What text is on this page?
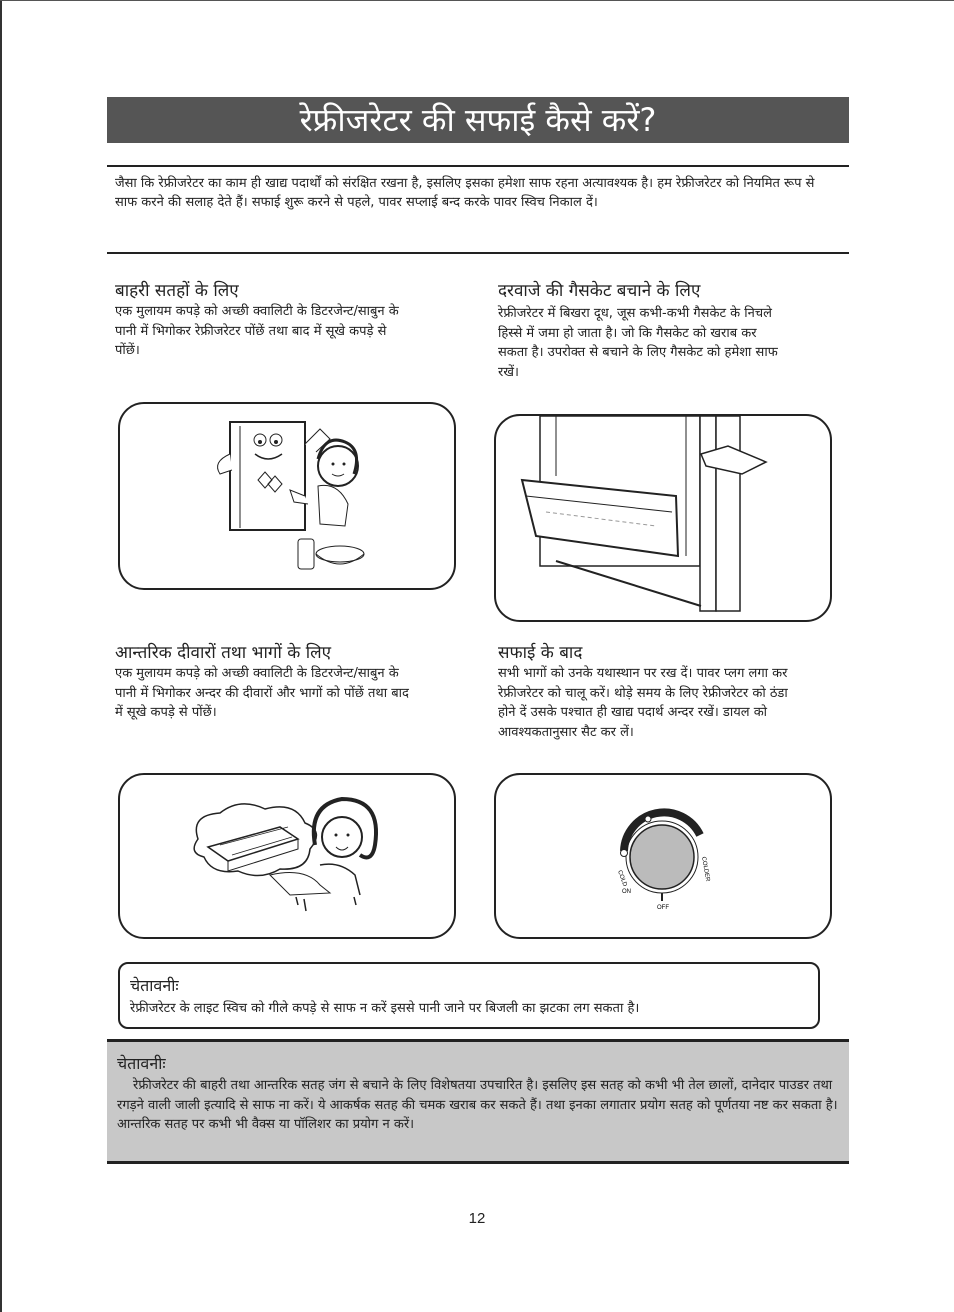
रेफ्रीजरेटर की सफाई कैसे करें?
जैसा कि रेफ्रीजरेटर का काम ही खाद्य पदार्थों को संरक्षित रखना है, इसलिए इसका हमेशा साफ रहना अत्यावश्यक है। हम रेफ्रीजरेटर को नियमित रूप से साफ करने की सलाह देते हैं। सफाई शुरू करने से पहले, पावर सप्लाई बन्द करके पावर स्विच निकाल दें।
बाहरी सतहों के लिए
एक मुलायम कपड़े को अच्छी क्वालिटी के डिटरजेन्ट/साबुन के पानी में भिगोकर रेफ्रीजरेटर पोंछें तथा बाद में सूखे कपड़े से पोंछें।
दरवाजे की गैसकेट बचाने के लिए
रेफ्रीजरेटर में बिखरा दूध, जूस कभी-कभी गैसकेट के निचले हिस्से में जमा हो जाता है। जो कि गैसकेट को खराब कर सकता है। उपरोक्त से बचाने के लिए गैसकेट को हमेशा साफ रखें।
आन्तरिक दीवारों तथा भागों के लिए
एक मुलायम कपड़े को अच्छी क्वालिटी के डिटरजेन्ट/साबुन के पानी में भिगोकर अन्दर की दीवारों और भागों को पोंछें तथा बाद में सूखे कपड़े से पोंछें।
सफाई के बाद
सभी भागों को उनके यथास्थान पर रख दें। पावर प्लग लगा कर रेफ्रीजरेटर को चालू करें। थोड़े समय के लिए रेफ्रीजरेटर को ठंडा होने दें उसके पश्चात ही खाद्य पदार्थ अन्दर रखें। डायल को आवश्यकतानुसार सैट कर लें।
COLD	COLDER
ON
OFF
चेतावनीः
रेफ्रीजरेटर के लाइट स्विच को गीले कपड़े से साफ न करें इससे पानी जाने पर बिजली का झटका लग सकता है।
चेतावनीः
रेफ्रीजरेटर की बाहरी तथा आन्तरिक सतह जंग से बचाने के लिए विशेषतया उपचारित है। इसलिए इस सतह को कभी भी तेल छालों, दानेदार पाउडर तथा रगड़ने वाली जाली इत्यादि से साफ ना करें। ये आकर्षक सतह की चमक खराब कर सकते हैं। तथा इनका लगातार प्रयोग सतह को पूर्णतया नष्ट कर सकता है। आन्तरिक सतह पर कभी भी वैक्स या पॉलिशर का प्रयोग न करें।
12
